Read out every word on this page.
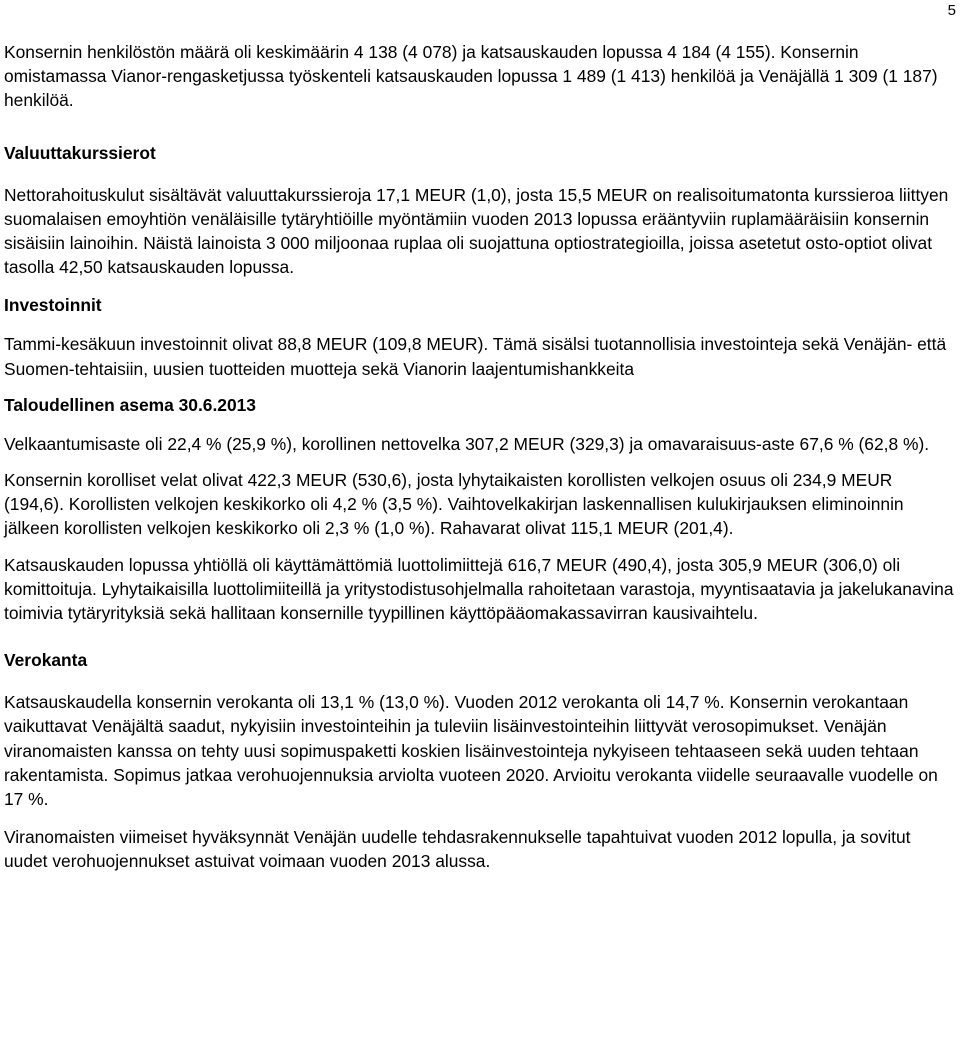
5

Konsernin henkilöstön määrä oli keskimäärin 4 138 (4 078) ja katsauskauden lopussa 4 184 (4 155). Konsernin omistamassa Vianor-rengasketjussa työskenteli katsauskauden lopussa 1 489 (1 413) henkilöä ja Venäjällä 1 309 (1 187) henkilöä.

Valuuttakurssierot

Nettorahoituskulut sisältävät valuuttakurssieroja 17,1 MEUR (1,0), josta 15,5 MEUR on realisoitumatonta kurssieroa liittyen suomalaisen emoyhtiön venäläisille tytäryhtiöille myöntämiin vuoden 2013 lopussa erääntyviin ruplamääräisiin konsernin sisäisiin lainoihin. Näistä lainoista 3 000 miljoonaa ruplaa oli suojattuna optiostrategioilla, joissa asetetut osto-optiot olivat tasolla 42,50 katsauskauden lopussa.

Investoinnit

Tammi-kesäkuun investoinnit olivat 88,8 MEUR (109,8 MEUR). Tämä sisälsi tuotannollisia investointeja sekä Venäjän- että Suomen-tehtaisiin, uusien tuotteiden muotteja sekä Vianorin laajentumishankkeita

Taloudellinen asema 30.6.2013

Velkaantumisaste oli 22,4 % (25,9 %), korollinen nettovelka 307,2 MEUR (329,3) ja omavaraisuus-aste 67,6 % (62,8 %).

Konsernin korolliset velat olivat 422,3 MEUR (530,6), josta lyhytaikaisten korollisten velkojen osuus oli 234,9 MEUR (194,6). Korollisten velkojen keskikorko oli 4,2 % (3,5 %). Vaihtovelkakirjan laskennallisen kulukirjauksen eliminoinnin jälkeen korollisten velkojen keskikorko oli 2,3 % (1,0 %). Rahavarat olivat 115,1 MEUR (201,4).

Katsauskauden lopussa yhtiöllä oli käyttämättömiä luottolimiittejä 616,7 MEUR (490,4), josta 305,9 MEUR (306,0) oli komittoituja. Lyhytaikaisilla luottolimiiteillä ja yritystodistusohjelmalla rahoitetaan varastoja, myyntisaatavia ja jakelukanavina toimivia tytäryrityksiä sekä hallitaan konsernille tyypillinen käyttöpääomakassavirran kausivaihtelu.

Verokanta

Katsauskaudella konsernin verokanta oli 13,1 % (13,0 %). Vuoden 2012 verokanta oli 14,7 %. Konsernin verokantaan vaikuttavat Venäjältä saadut, nykyisiin investointeihin ja tuleviin lisäinvestointeihin liittyvät verosopimukset. Venäjän viranomaisten kanssa on tehty uusi sopimuspaketti koskien lisäinvestointeja nykyiseen tehtaaseen sekä uuden tehtaan rakentamista. Sopimus jatkaa verohuojennuksia arviolta vuoteen 2020. Arvioitu verokanta viidelle seuraavalle vuodelle on 17 %.

Viranomaisten viimeiset hyväksynnät Venäjän uudelle tehdasrakennukselle tapahtuivat vuoden 2012 lopulla, ja sovitut uudet verohuojennukset astuivat voimaan vuoden 2013 alussa.
